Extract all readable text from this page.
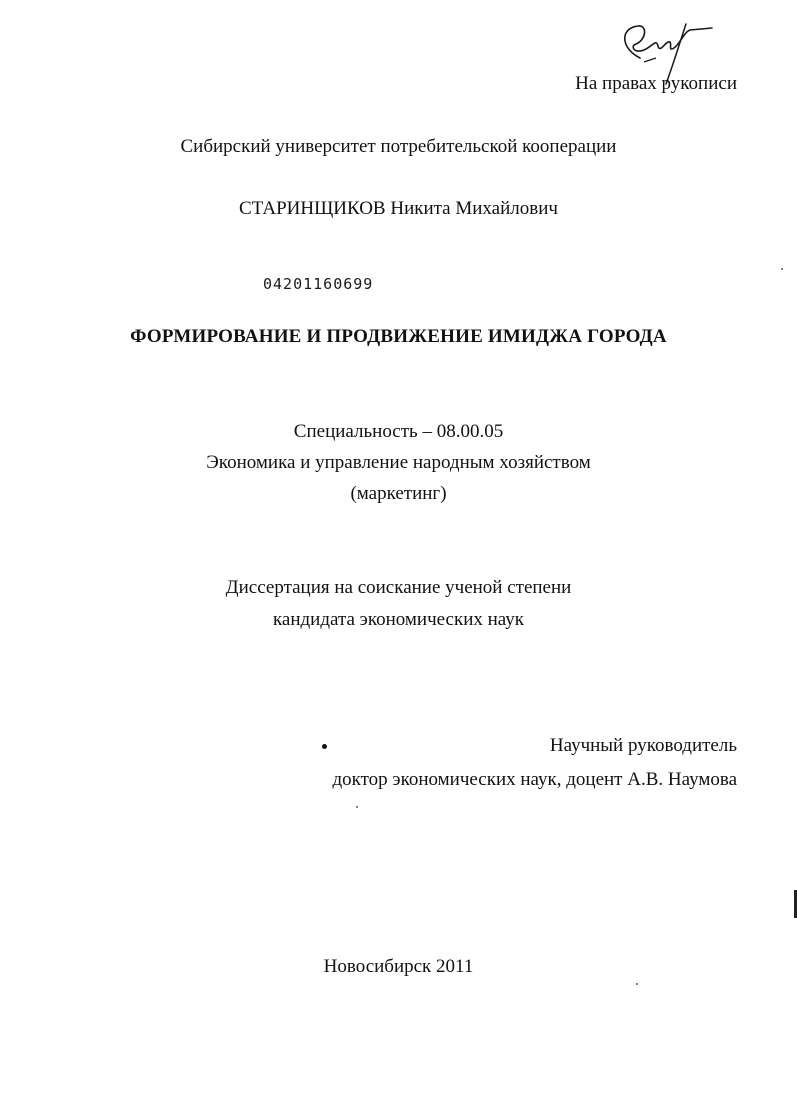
На правах рукописи
Сибирский университет потребительской кооперации
СТАРИНЩИКОВ Никита Михайлович
04201160699
ФОРМИРОВАНИЕ И ПРОДВИЖЕНИЕ ИМИДЖА ГОРОДА
Специальность – 08.00.05
Экономика и управление народным хозяйством
(маркетинг)
Диссертация на соискание ученой степени
кандидата экономических наук
Научный руководитель
доктор экономических наук, доцент А.В. Наумова
Новосибирск 2011
